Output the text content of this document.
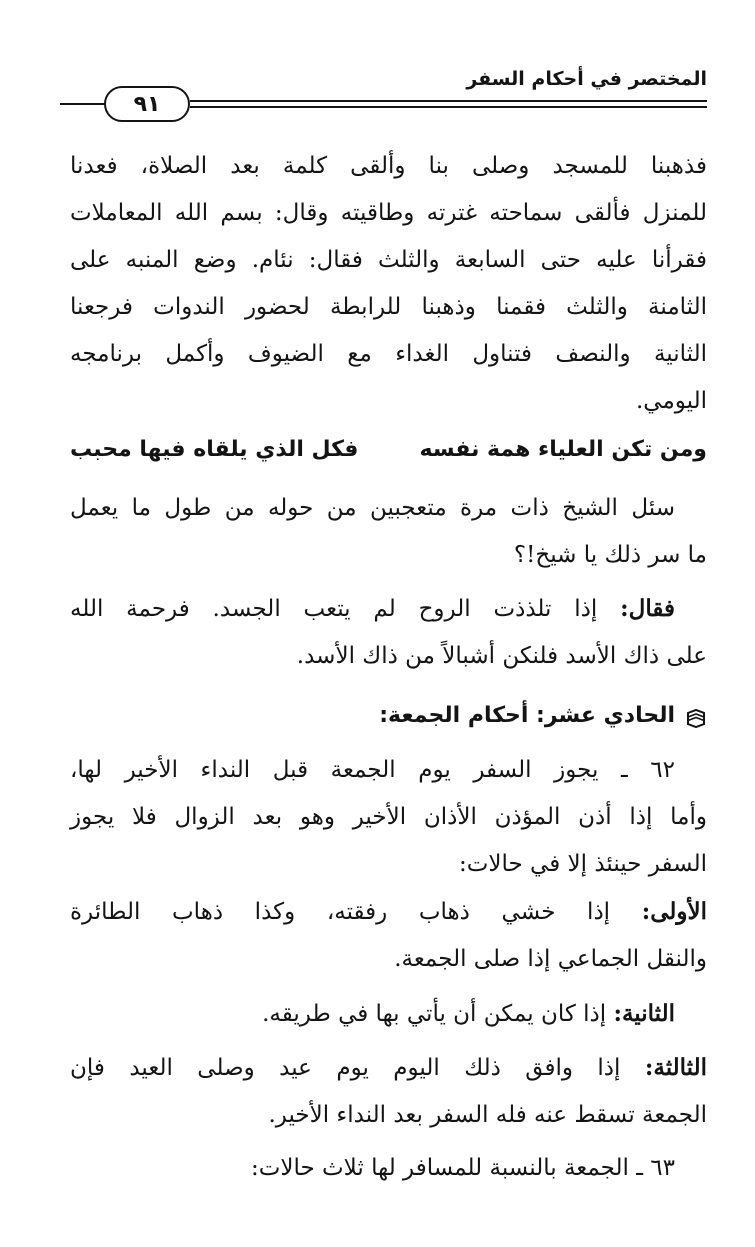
المختصر في أحكام السفر
٩١
فذهبنا للمسجد وصلى بنا وألقى كلمة بعد الصلاة، فعدنا
للمنزل فألقى سماحته غترته وطاقيته وقال: بسم الله المعاملات
فقرأنا عليه حتى السابعة والثلث فقال: نئام. وضع المنبه على
الثامنة والثلث فقمنا وذهبنا للرابطة لحضور الندوات فرجعنا
الثانية والنصف فتناول الغداء مع الضيوف وأكمل برنامجه
اليومي.
ومن تكن العلياء همة نفسه
فكل الذي يلقاه فيها محبب
سئل الشيخ ذات مرة متعجبين من حوله من طول ما يعمل
ما سر ذلك يا شيخ!؟
فقال: إذا تلذذت الروح لم يتعب الجسد. فرحمة الله
على ذاك الأسد فلنكن أشبالاً من ذاك الأسد.
الحادي عشر: أحكام الجمعة:
٦٢ ـ يجوز السفر يوم الجمعة قبل النداء الأخير لها،
وأما إذا أذن المؤذن الأذان الأخير وهو بعد الزوال فلا يجوز
السفر حينئذ إلا في حالات:
الأولى: إذا خشي ذهاب رفقته، وكذا ذهاب الطائرة
والنقل الجماعي إذا صلى الجمعة.
الثانية: إذا كان يمكن أن يأتي بها في طريقه.
الثالثة: إذا وافق ذلك اليوم يوم عيد وصلى العيد فإن
الجمعة تسقط عنه فله السفر بعد النداء الأخير.
٦٣ ـ الجمعة بالنسبة للمسافر لها ثلاث حالات:
